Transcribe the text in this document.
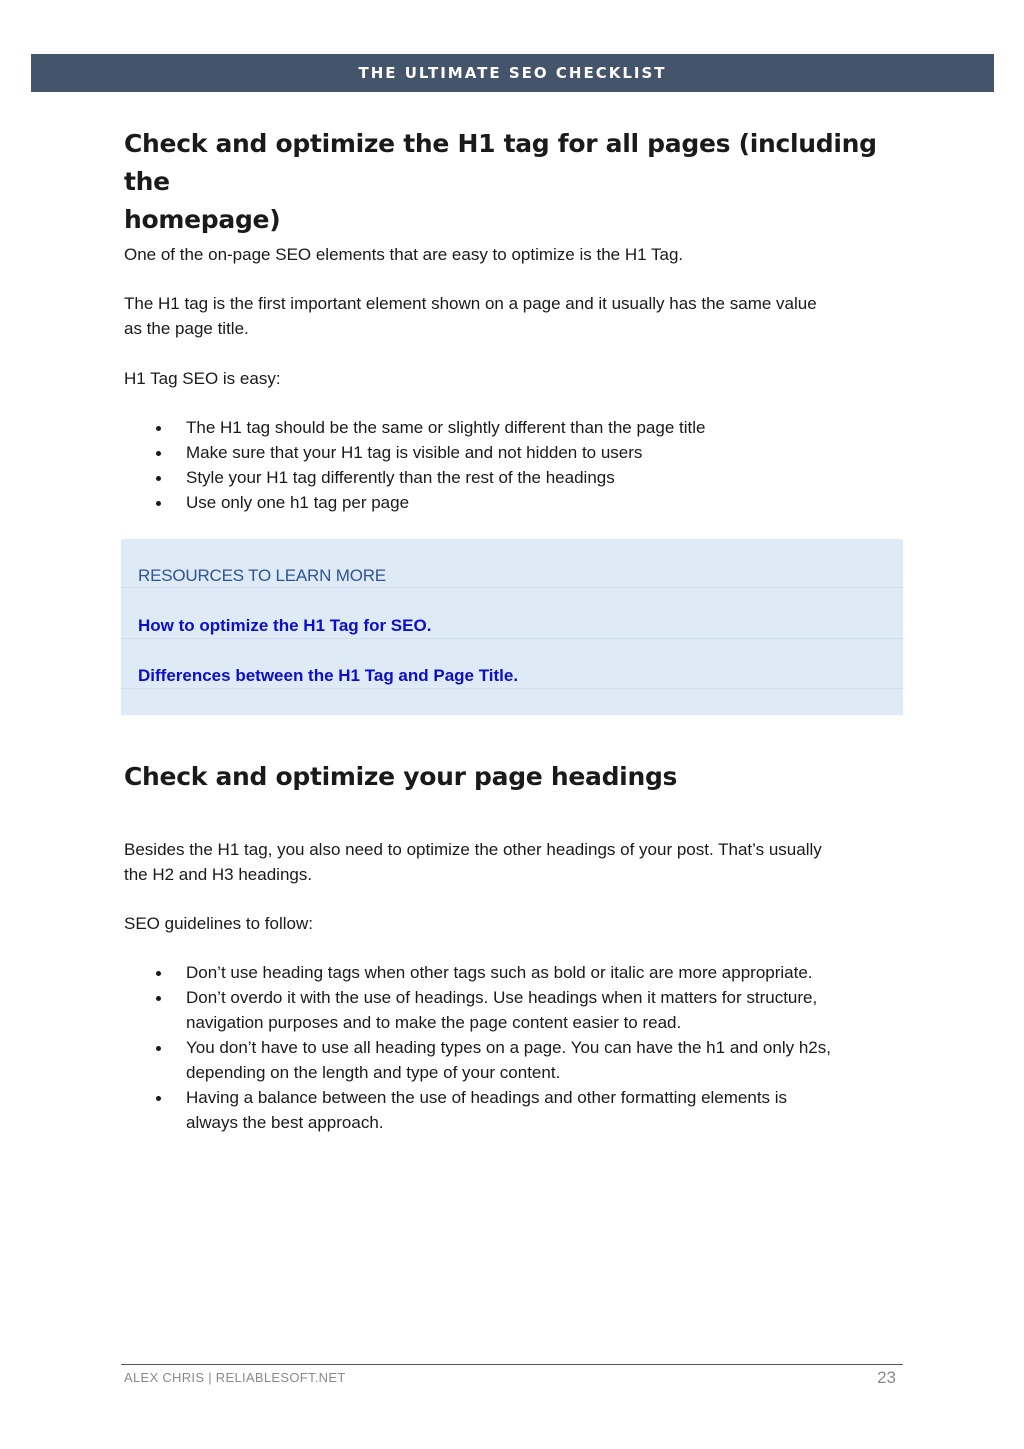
THE ULTIMATE SEO CHECKLIST
Check and optimize the H1 tag for all pages (including the
homepage)

One of the on-page SEO elements that are easy to optimize is the H1 Tag.

The H1 tag is the first important element shown on a page and it usually has the same value
as the page title.

H1 Tag SEO is easy:

The H1 tag should be the same or slightly different than the page title
Make sure that your H1 tag is visible and not hidden to users
Style your H1 tag differently than the rest of the headings
Use only one h1 tag per page
RESOURCES TO LEARN MORE
How to optimize the H1 Tag for SEO.
Differences between the H1 Tag and Page Title.
Check and optimize your page headings

Besides the H1 tag, you also need to optimize the other headings of your post. That’s usually
the H2 and H3 headings.

SEO guidelines to follow:

Don’t use heading tags when other tags such as bold or italic are more appropriate.
Don’t overdo it with the use of headings. Use headings when it matters for structure,
navigation purposes and to make the page content easier to read.
You don’t have to use all heading types on a page. You can have the h1 and only h2s,
depending on the length and type of your content.
Having a balance between the use of headings and other formatting elements is
always the best approach.
ALEX CHRIS | RELIABLESOFT.NET	23
